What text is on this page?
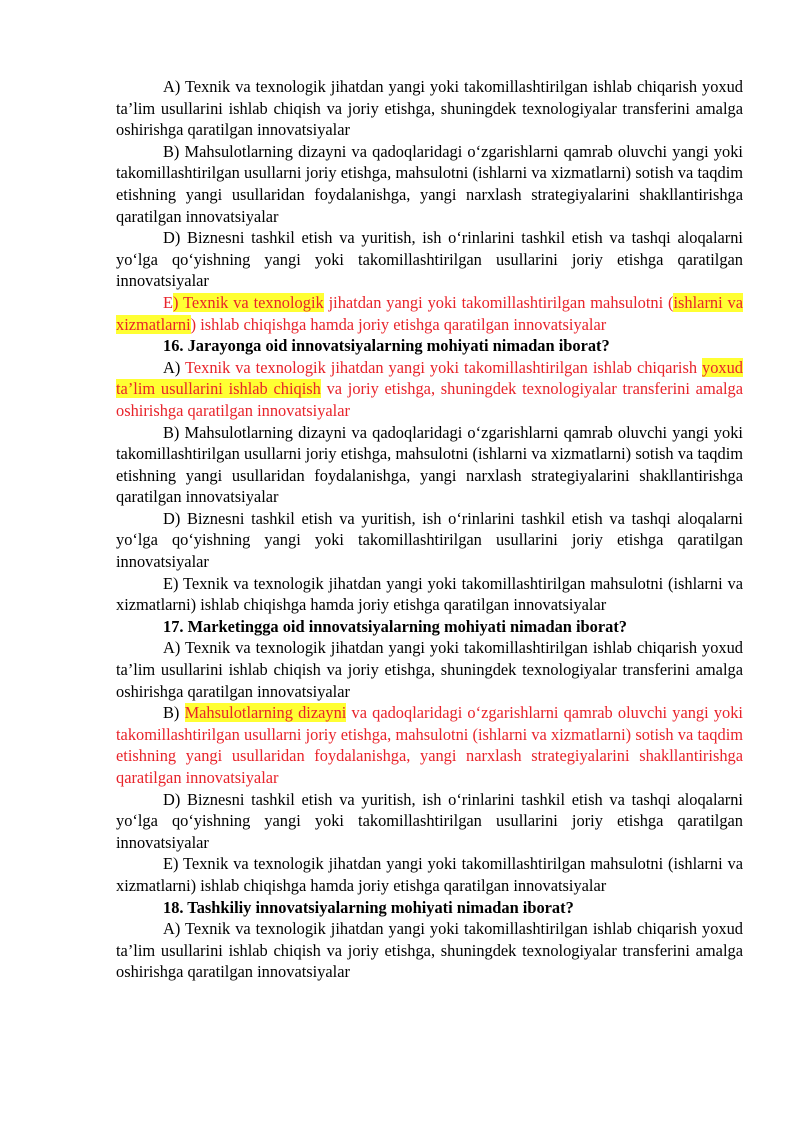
A) Texnik va texnologik jihatdan yangi yoki takomillashtirilgan ishlab chiqarish yoxud ta’lim usullarini ishlab chiqish va joriy etishga, shuningdek texnologiyalar transferini amalga oshirishga qaratilgan innovatsiyalar

B) Mahsulotlarning dizayni va qadoqlaridagi o‘zgarishlarni qamrab oluvchi yangi yoki takomillashtirilgan usullarni joriy etishga, mahsulotni (ishlarni va xizmatlarni) sotish va taqdim etishning yangi usullaridan foydalanishga, yangi narxlash strategiyalarini shakllantirishga qaratilgan innovatsiyalar

D) Biznesni tashkil etish va yuritish, ish o‘rinlarini tashkil etish va tashqi aloqalarni yo‘lga qo‘yishning yangi yoki takomillashtirilgan usullarini joriy etishga qaratilgan innovatsiyalar

E) Texnik va texnologik jihatdan yangi yoki takomillashtirilgan mahsulotni (ishlarni va xizmatlarni) ishlab chiqishga hamda joriy etishga qaratilgan innovatsiyalar

16. Jarayonga oid innovatsiyalarning mohiyati nimadan iborat?

A) Texnik va texnologik jihatdan yangi yoki takomillashtirilgan ishlab chiqarish yoxud ta’lim usullarini ishlab chiqish va joriy etishga, shuningdek texnologiyalar transferini amalga oshirishga qaratilgan innovatsiyalar

B) Mahsulotlarning dizayni va qadoqlaridagi o‘zgarishlarni qamrab oluvchi yangi yoki takomillashtirilgan usullarni joriy etishga, mahsulotni (ishlarni va xizmatlarni) sotish va taqdim etishning yangi usullaridan foydalanishga, yangi narxlash strategiyalarini shakllantirishga qaratilgan innovatsiyalar

D) Biznesni tashkil etish va yuritish, ish o‘rinlarini tashkil etish va tashqi aloqalarni yo‘lga qo‘yishning yangi yoki takomillashtirilgan usullarini joriy etishga qaratilgan innovatsiyalar

E) Texnik va texnologik jihatdan yangi yoki takomillashtirilgan mahsulotni (ishlarni va xizmatlarni) ishlab chiqishga hamda joriy etishga qaratilgan innovatsiyalar

17. Marketingga oid innovatsiyalarning mohiyati nimadan iborat?

A) Texnik va texnologik jihatdan yangi yoki takomillashtirilgan ishlab chiqarish yoxud ta’lim usullarini ishlab chiqish va joriy etishga, shuningdek texnologiyalar transferini amalga oshirishga qaratilgan innovatsiyalar

B) Mahsulotlarning dizayni va qadoqlaridagi o‘zgarishlarni qamrab oluvchi yangi yoki takomillashtirilgan usullarni joriy etishga, mahsulotni (ishlarni va xizmatlarni) sotish va taqdim etishning yangi usullaridan foydalanishga, yangi narxlash strategiyalarini shakllantirishga qaratilgan innovatsiyalar

D) Biznesni tashkil etish va yuritish, ish o‘rinlarini tashkil etish va tashqi aloqalarni yo‘lga qo‘yishning yangi yoki takomillashtirilgan usullarini joriy etishga qaratilgan innovatsiyalar

E) Texnik va texnologik jihatdan yangi yoki takomillashtirilgan mahsulotni (ishlarni va xizmatlarni) ishlab chiqishga hamda joriy etishga qaratilgan innovatsiyalar

18. Tashkiliy innovatsiyalarning mohiyati nimadan iborat?

A) Texnik va texnologik jihatdan yangi yoki takomillashtirilgan ishlab chiqarish yoxud ta’lim usullarini ishlab chiqish va joriy etishga, shuningdek texnologiyalar transferini amalga oshirishga qaratilgan innovatsiyalar
